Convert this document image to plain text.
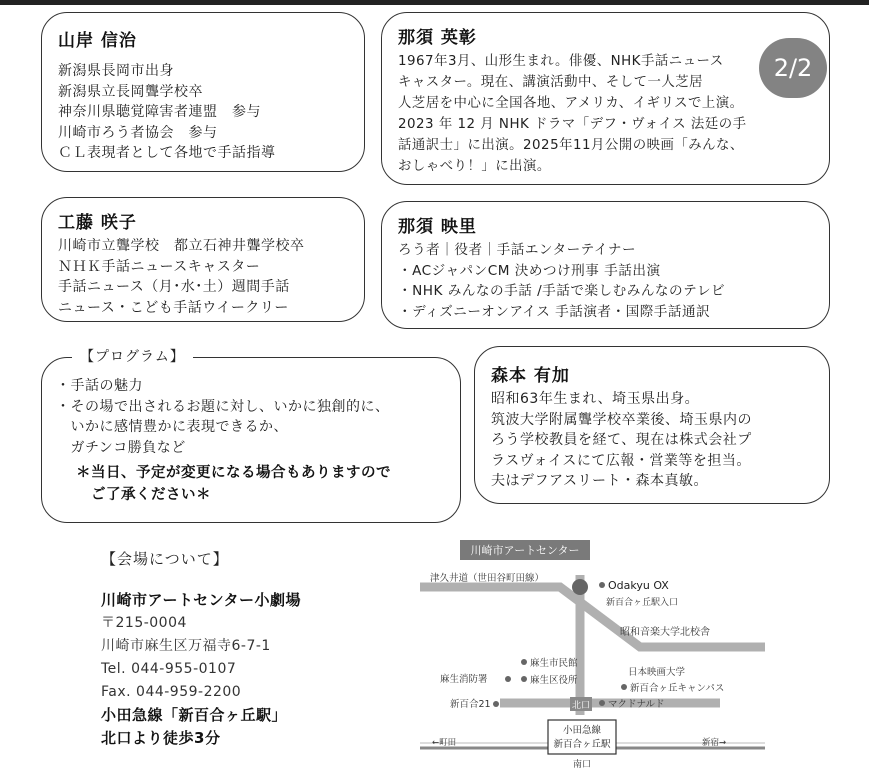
山岸 信治
新潟県長岡市出身
新潟県立長岡聾学校卒
神奈川県聴覚障害者連盟　参与
川崎市ろう者協会　参与
ＣＬ表現者として各地で手話指導
那須 英彰
1967年3月、山形生まれ。俳優、NHK手話ニュース
キャスター。現在、講演活動中、そして一人芝居
人芝居を中心に全国各地、アメリカ、イギリスで上演。
2023 年 12 月 NHK ドラマ「デフ・ヴォイス 法廷の手
話通訳士」に出演。2025年11月公開の映画「みんな、
おしゃべり！」に出演。
工藤 咲子
川崎市立聾学校　都立石神井聾学校卒
ＮＨＫ手話ニュースキャスター
手話ニュース（月･水･土）週間手話
ニュース・こども手話ウイークリー
那須 映里
ろう者｜役者｜手話エンターテイナー
・ACジャパンCM 決めつけ刑事 手話出演
・NHK みんなの手話 /手話で楽しむみんなのテレビ
・ディズニーオンアイス 手話演者・国際手話通訳
【プログラム】
・手話の魅力
・その場で出されるお題に対し、いかに独創的に、
　いかに感情豊かに表現できるか、
　ガチンコ勝負など
＊当日、予定が変更になる場合もありますので
　ご了承ください＊
森本 有加
昭和63年生まれ、埼玉県出身。
筑波大学附属聾学校卒業後、埼玉県内の
ろう学校教員を経て、現在は株式会社プ
ラスヴォイスにて広報・営業等を担当。
夫はデフアスリート・森本真敏。
【会場について】
川崎市アートセンター小劇場
〒215-0004
川崎市麻生区万福寺6-7-1
Tel. 044-955-0107
Fax. 044-959-2200
小田急線「新百合ヶ丘駅」
北口より徒歩3分
川崎市アートセンター
津久井道（世田谷町田線）
Odakyu OX
新百合ヶ丘駅入口
昭和音楽大学北校舎
麻生市民館
麻生消防署	麻生区役所
日本映画大学
新百合ヶ丘キャンパス
新百合21	北口 マクドナルド
小田急線
新百合ヶ丘駅
←町田	新宿→
南口
2/2
